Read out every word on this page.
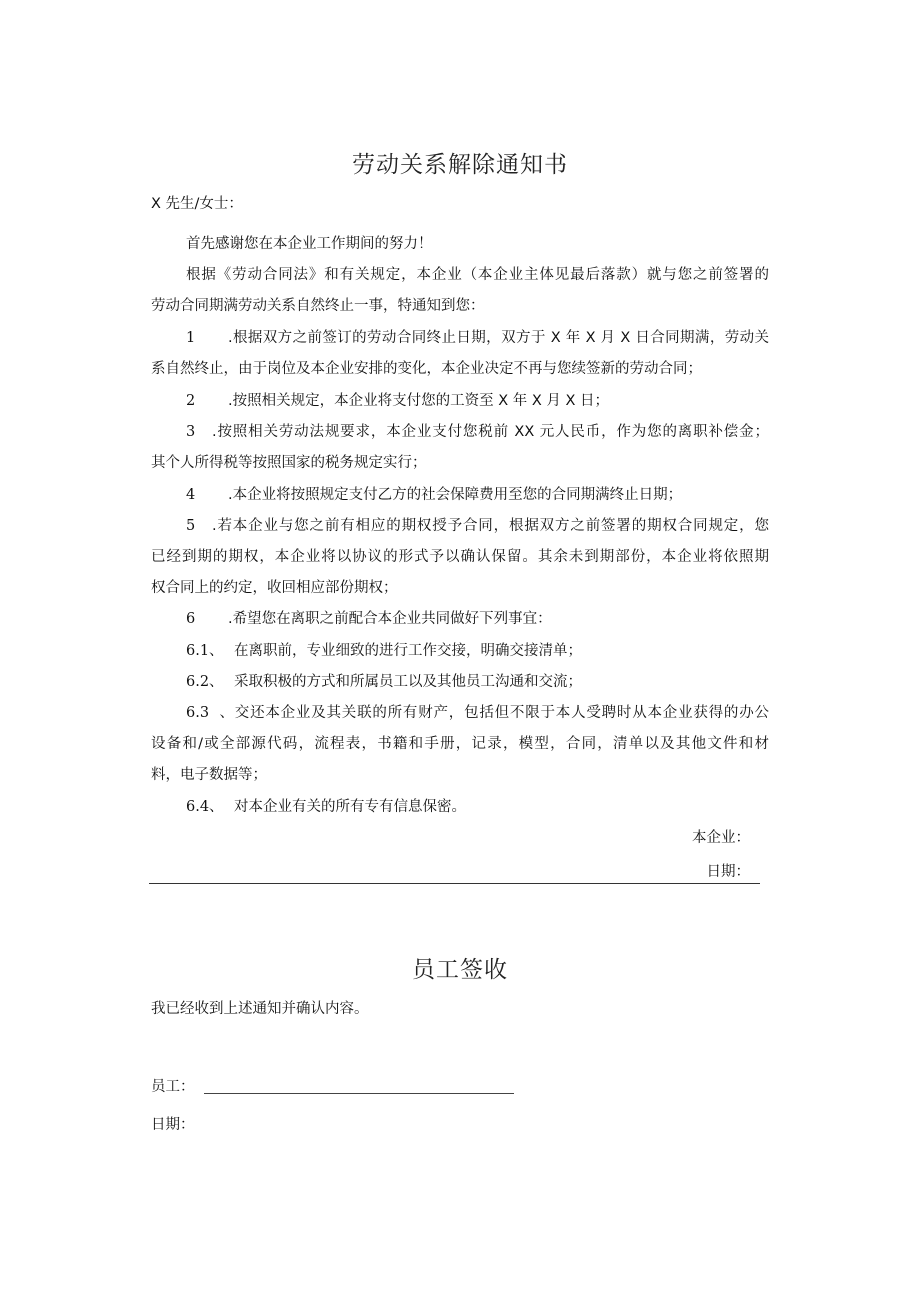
劳动关系解除通知书
X 先生/女士：
首先感谢您在本企业工作期间的努力！
根据《劳动合同法》和有关规定，本企业（本企业主体见最后落款）就与您之前签署的
劳动合同期满劳动关系自然终止一事，特通知到您：
1 .根据双方之前签订的劳动合同终止日期，双方于 X 年 X 月 X 日合同期满，劳动关
系自然终止，由于岗位及本企业安排的变化，本企业决定不再与您续签新的劳动合同；
2 .按照相关规定，本企业将支付您的工资至 X 年 X 月 X 日；
3 .按照相关劳动法规要求，本企业支付您税前 XX 元人民币，作为您的离职补偿金；
其个人所得税等按照国家的税务规定实行；
4 .本企业将按照规定支付乙方的社会保障费用至您的合同期满终止日期；
5 .若本企业与您之前有相应的期权授予合同，根据双方之前签署的期权合同规定，您
已经到期的期权，本企业将以协议的形式予以确认保留。其余未到期部份，本企业将依照期
权合同上的约定，收回相应部份期权；
6 .希望您在离职之前配合本企业共同做好下列事宜：
6.1、 在离职前，专业细致的进行工作交接，明确交接清单；
6.2、 采取积极的方式和所属员工以及其他员工沟通和交流；
6.3、交还本企业及其关联的所有财产，包括但不限于本人受聘时从本企业获得的办公
设备和/或全部源代码，流程表，书籍和手册，记录，模型，合同，清单以及其他文件和材
料，电子数据等；
6.4、 对本企业有关的所有专有信息保密。
本企业：
日期：
员工签收
我已经收到上述通知并确认内容。
员工：
日期：
